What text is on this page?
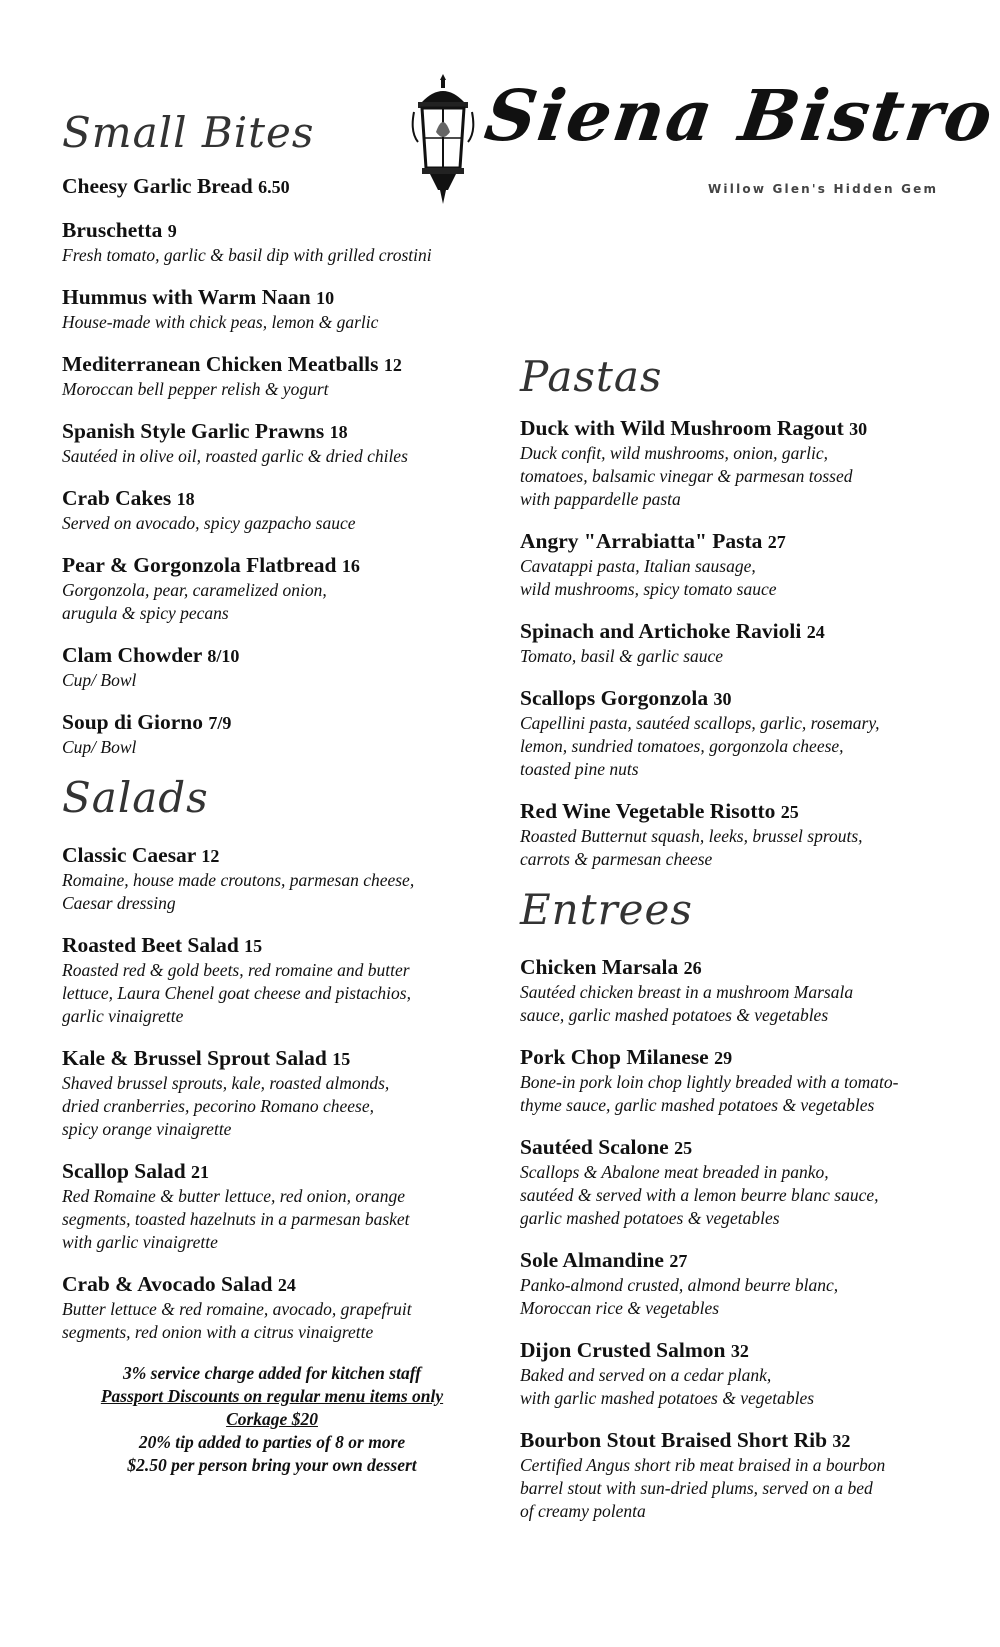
Siena Bistro
Willow Glen's Hidden Gem
Small Bites
Cheesy Garlic Bread 6.50
Bruschetta 9
Fresh tomato, garlic & basil dip with grilled crostini
Hummus with Warm Naan 10
House-made with chick peas, lemon & garlic
Mediterranean Chicken Meatballs 12
Moroccan bell pepper relish & yogurt
Spanish Style Garlic Prawns 18
Sautéed in olive oil, roasted garlic & dried chiles
Crab Cakes 18
Served on avocado, spicy gazpacho sauce
Pear & Gorgonzola Flatbread 16
Gorgonzola, pear, caramelized onion,
arugula & spicy pecans
Clam Chowder 8/10
Cup/ Bowl
Soup di Giorno 7/9
Cup/ Bowl
Salads
Classic Caesar 12
Romaine, house made croutons, parmesan cheese,
Caesar dressing
Roasted Beet Salad 15
Roasted red & gold beets, red romaine and butter
lettuce, Laura Chenel goat cheese and pistachios,
garlic vinaigrette
Kale & Brussel Sprout Salad 15
Shaved brussel sprouts, kale, roasted almonds,
dried cranberries, pecorino Romano cheese,
spicy orange vinaigrette
Scallop Salad 21
Red Romaine & butter lettuce, red onion, orange
segments, toasted hazelnuts in a parmesan basket
with garlic vinaigrette
Crab & Avocado Salad 24
Butter lettuce & red romaine, avocado, grapefruit
segments, red onion with a citrus vinaigrette
3% service charge added for kitchen staff
Passport Discounts on regular menu items only
Corkage $20
20% tip added to parties of 8 or more
$2.50 per person bring your own dessert
Pastas
Duck with Wild Mushroom Ragout 30
Duck confit, wild mushrooms, onion, garlic,
tomatoes, balsamic vinegar & parmesan tossed
with pappardelle pasta
Angry "Arrabiatta" Pasta 27
Cavatappi pasta, Italian sausage,
wild mushrooms, spicy tomato sauce
Spinach and Artichoke Ravioli 24
Tomato, basil & garlic sauce
Scallops Gorgonzola 30
Capellini pasta, sautéed scallops, garlic, rosemary,
lemon, sundried tomatoes, gorgonzola cheese,
toasted pine nuts
Red Wine Vegetable Risotto 25
Roasted Butternut squash, leeks, brussel sprouts,
carrots & parmesan cheese
Entrees
Chicken Marsala 26
Sautéed chicken breast in a mushroom Marsala
sauce, garlic mashed potatoes & vegetables
Pork Chop Milanese 29
Bone-in pork loin chop lightly breaded with a tomato-
thyme sauce, garlic mashed potatoes & vegetables
Sautéed Scalone 25
Scallops & Abalone meat breaded in panko,
sautéed & served with a lemon beurre blanc sauce,
garlic mashed potatoes & vegetables
Sole Almandine 27
Panko-almond crusted, almond beurre blanc,
Moroccan rice & vegetables
Dijon Crusted Salmon 32
Baked and served on a cedar plank,
with garlic mashed potatoes & vegetables
Bourbon Stout Braised Short Rib 32
Certified Angus short rib meat braised in a bourbon
barrel stout with sun-dried plums, served on a bed
of creamy polenta
